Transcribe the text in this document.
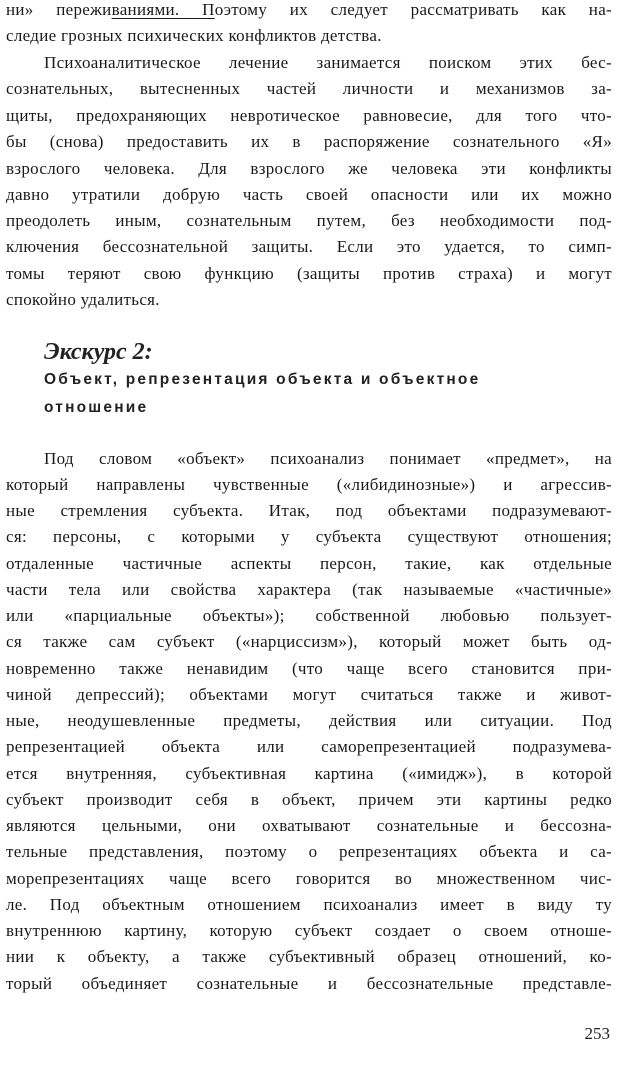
ни» переживаниями. Поэтому их следует рассматривать как на-
следие грозных психических конфликтов детства.
Психоаналитическое лечение занимается поиском этих бес-
сознательных, вытесненных частей личности и механизмов за-
щиты, предохраняющих невротическое равновесие, для того что-
бы (снова) предоставить их в распоряжение сознательного «Я»
взрослого человека. Для взрослого же человека эти конфликты
давно утратили добрую часть своей опасности или их можно
преодолеть иным, сознательным путем, без необходимости под-
ключения бессознательной защиты. Если это удается, то симп-
томы теряют свою функцию (защиты против страха) и могут
спокойно удалиться.
Экскурс 2:
Объект, репрезентация объекта и объектное
отношение
Под словом «объект» психоанализ понимает «предмет», на
который направлены чувственные («либидинозные») и агрессив-
ные стремления субъекта. Итак, под объектами подразумевают-
ся: персоны, с которыми у субъекта существуют отношения;
отдаленные частичные аспекты персон, такие, как отдельные
части тела или свойства характера (так называемые «частичные»
или «парциальные объекты»); собственной любовью пользует-
ся также сам субъект («нарциссизм»), который может быть од-
новременно также ненавидим (что чаще всего становится при-
чиной депрессий); объектами могут считаться также и живот-
ные, неодушевленные предметы, действия или ситуации. Под
репрезентацией объекта или саморепрезентацией подразумева-
ется внутренняя, субъективная картина («имидж»), в которой
субъект производит себя в объект, причем эти картины редко
являются цельными, они охватывают сознательные и бессозна-
тельные представления, поэтому о репрезентациях объекта и са-
морепрезентациях чаще всего говорится во множественном чис-
ле. Под объектным отношением психоанализ имеет в виду ту
внутреннюю картину, которую субъект создает о своем отноше-
нии к объекту, а также субъективный образец отношений, ко-
торый объединяет сознательные и бессознательные представле-
253
